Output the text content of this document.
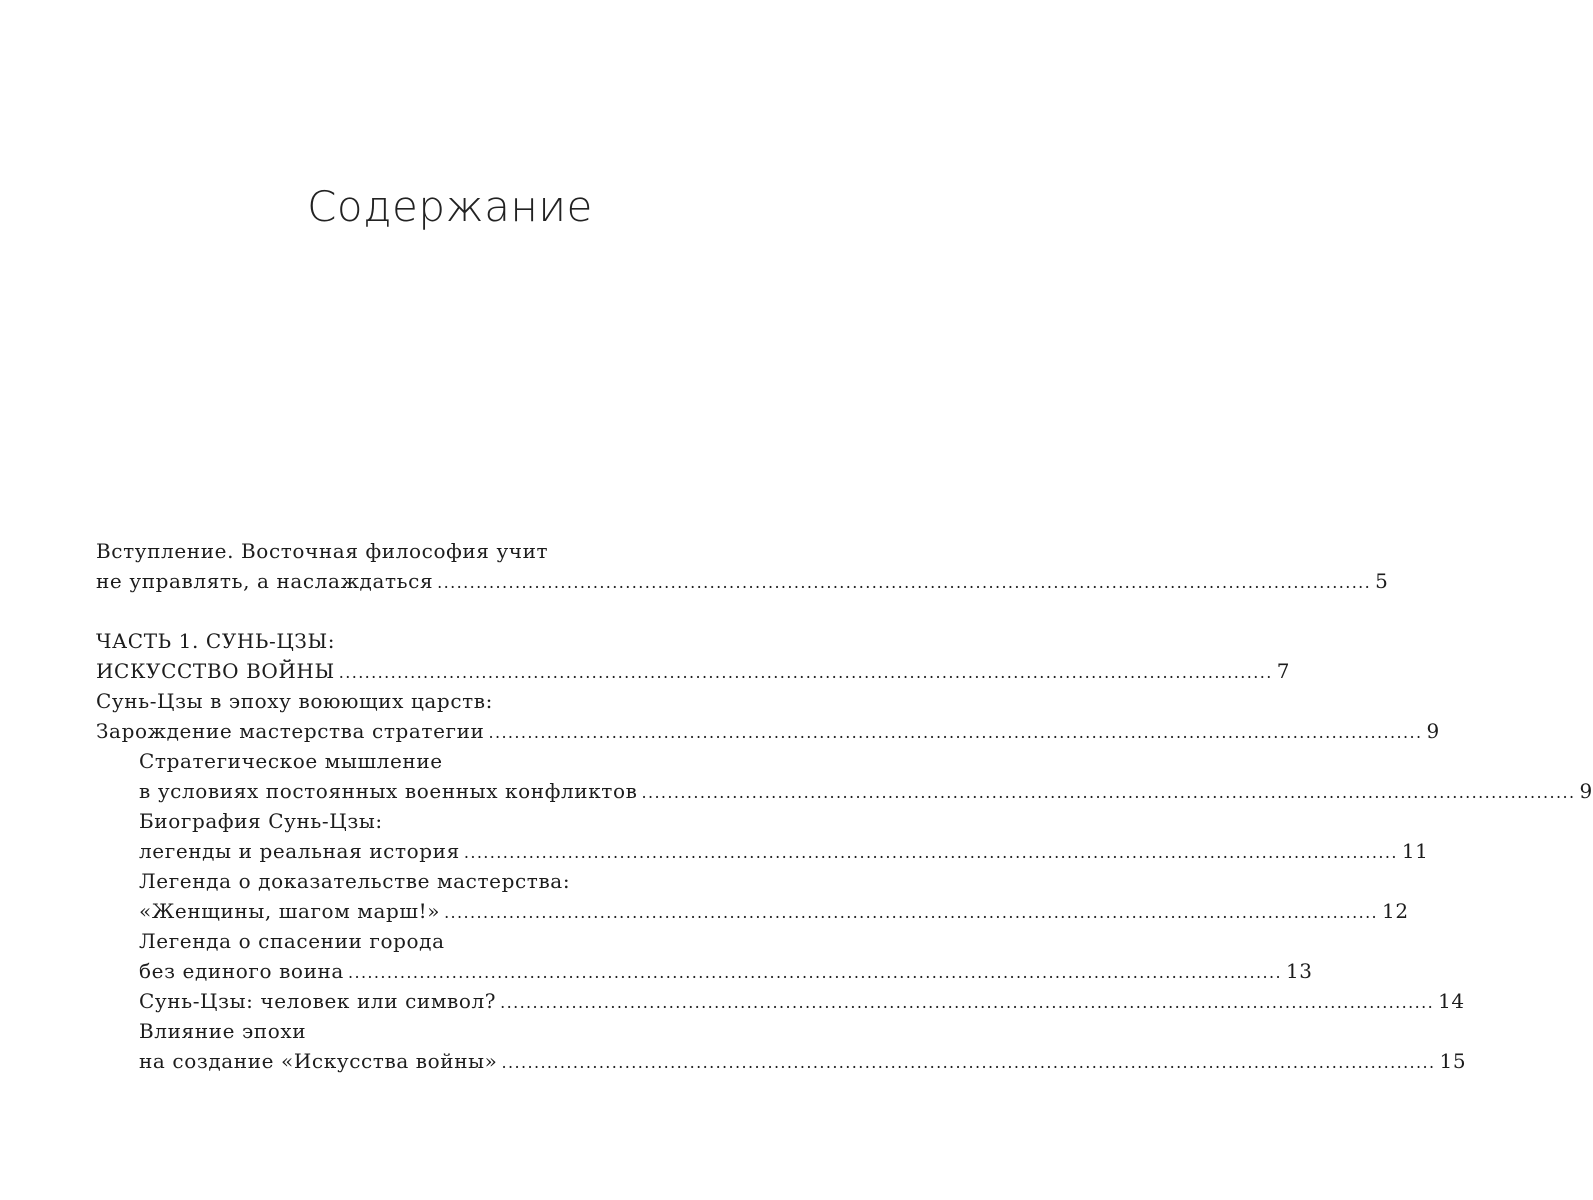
Содержание
Вступление. Восточная философия учит
не управлять, а наслаждаться ................................................................................................................................................ 5
ЧАСТЬ 1. СУНЬ-ЦЗЫ:
ИСКУССТВО ВОЙНЫ ................................................................................................................................................ 7
Сунь-Цзы в эпоху воюющих царств:
Зарождение мастерства стратегии ................................................................................................................................................ 9
Стратегическое мышление
в условиях постоянных военных конфликтов ................................................................................................................................................ 9
Биография Сунь-Цзы:
легенды и реальная история ................................................................................................................................................ 11
Легенда о доказательстве мастерства:
«Женщины, шагом марш!» ................................................................................................................................................ 12
Легенда о спасении города
без единого воина ................................................................................................................................................ 13
Сунь-Цзы: человек или символ? ................................................................................................................................................ 14
Влияние эпохи
на создание «Искусства войны» ................................................................................................................................................ 15
